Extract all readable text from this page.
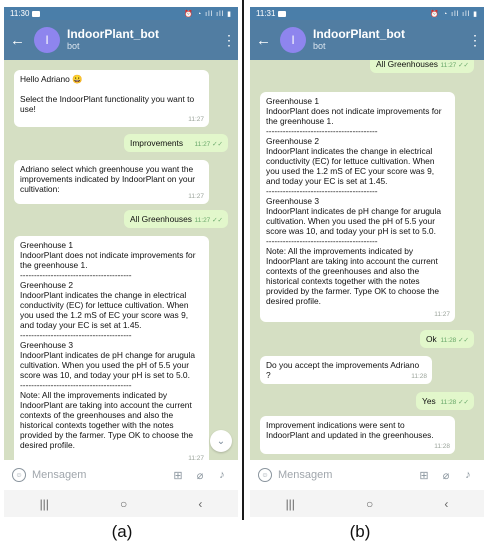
11:30	⏰ ◔ ıll ıll ▮
←	I	IndoorPlant_bot
bot	⋮
Hello Adriano 😀

Select the IndoorPlant functionality you want to use!
11:27
Improvements	11:27 ✓✓
Adriano select which greenhouse you want the improvements indicated by IndoorPlant on your cultivation:
11:27
All Greenhouses 11:27 ✓✓
Greenhouse 1
IndoorPlant does not indicate improvements for the greenhouse 1.
----------------------------------------
Greenhouse 2
IndoorPlant indicates the change in electrical conductivity (EC) for lettuce cultivation. When you used the 1.2 mS of EC your score was 9, and today your EC is set at 1.45.
----------------------------------------
Greenhouse 3
IndoorPlant indicates de pH change for arugula cultivation. When you used the pH of 5.5 your score was 10, and today your pH is set to 5.0.
----------------------------------------
Note: All the improvements indicated by IndoorPlant are taking into account the current contexts of the greenhouses and also the historical contexts together with the notes provided by the farmer. Type OK to choose the desired profile.
11:27
⌄
☺ Mensagem	⊞	⌀	♪
|||	○	‹
11:31	⏰ ◔ ıll ıll ▮
←	I	IndoorPlant_bot
bot	⋮
All Greenhouses 11:27 ✓✓
Greenhouse 1
IndoorPlant does not indicate improvements for the greenhouse 1.
----------------------------------------
Greenhouse 2
IndoorPlant indicates the change in electrical conductivity (EC) for lettuce cultivation. When you used the 1.2 mS of EC your score was 9, and today your EC is set at 1.45.
----------------------------------------
Greenhouse 3
IndoorPlant indicates de pH change for arugula cultivation. When you used the pH of 5.5 your score was 10, and today your pH is set to 5.0.
----------------------------------------
Note: All the improvements indicated by IndoorPlant are taking into account the current contexts of the greenhouses and also the historical contexts together with the notes provided by the farmer. Type OK to choose the desired profile.
11:27
Ok 11:28 ✓✓
Do you accept the improvements Adriano ?	11:28
Yes 11:28 ✓✓
Improvement indications were sent to IndoorPlant and updated in the greenhouses.
11:28
☺ Mensagem	⊞	⌀	♪
|||	○	‹
(a)	(b)
